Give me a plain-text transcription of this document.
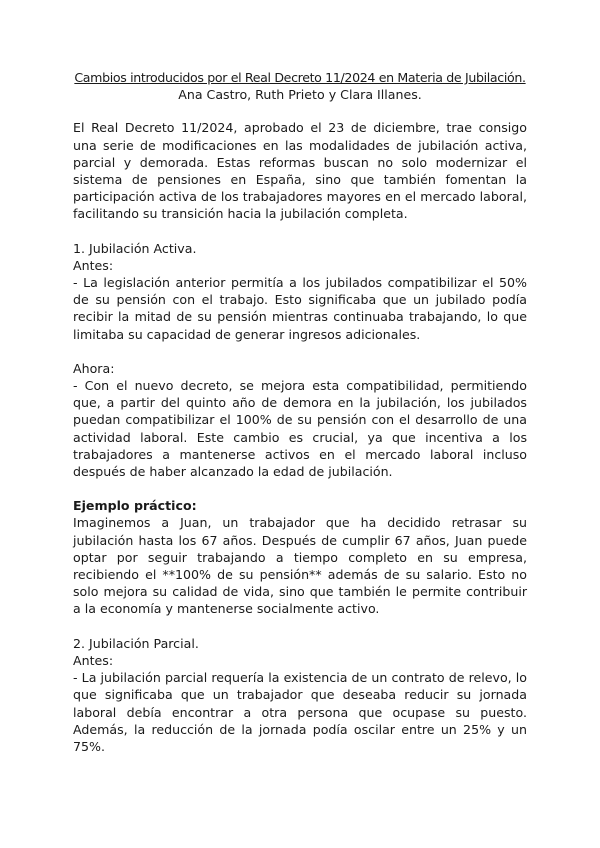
Cambios introducidos por el Real Decreto 11/2024 en Materia de Jubilación.
Ana Castro, Ruth Prieto y Clara Illanes.

El Real Decreto 11/2024, aprobado el 23 de diciembre, trae consigo una serie de modificaciones en las modalidades de jubilación activa, parcial y demorada. Estas reformas buscan no solo modernizar el sistema de pensiones en España, sino que también fomentan la participación activa de los trabajadores mayores en el mercado laboral, facilitando su transición hacia la jubilación completa.

1. Jubilación Activa.
Antes:

- La legislación anterior permitía a los jubilados compatibilizar el 50% de su pensión con el trabajo. Esto significaba que un jubilado podía recibir la mitad de su pensión mientras continuaba trabajando, lo que limitaba su capacidad de generar ingresos adicionales.

Ahora:

- Con el nuevo decreto, se mejora esta compatibilidad, permitiendo que, a partir del quinto año de demora en la jubilación, los jubilados puedan compatibilizar el 100% de su pensión con el desarrollo de una actividad laboral. Este cambio es crucial, ya que incentiva a los trabajadores a mantenerse activos en el mercado laboral incluso después de haber alcanzado la edad de jubilación.

Ejemplo práctico:

Imaginemos a Juan, un trabajador que ha decidido retrasar su jubilación hasta los 67 años. Después de cumplir 67 años, Juan puede optar por seguir trabajando a tiempo completo en su empresa, recibiendo el **100% de su pensión** además de su salario. Esto no solo mejora su calidad de vida, sino que también le permite contribuir a la economía y mantenerse socialmente activo.

2. Jubilación Parcial.
Antes:

- La jubilación parcial requería la existencia de un contrato de relevo, lo que significaba que un trabajador que deseaba reducir su jornada laboral debía encontrar a otra persona que ocupase su puesto. Además, la reducción de la jornada podía oscilar entre un 25% y un 75%.
